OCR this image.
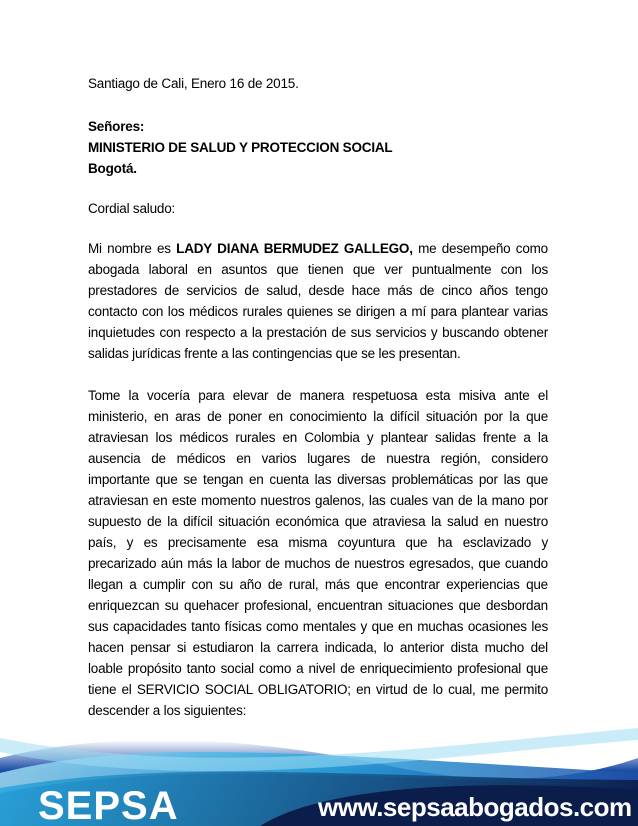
Santiago de Cali, Enero 16 de 2015.
Señores:
MINISTERIO DE SALUD Y PROTECCION SOCIAL
Bogotá.
Cordial saludo:
Mi nombre es LADY DIANA BERMUDEZ GALLEGO, me desempeño como abogada laboral en asuntos que tienen que ver puntualmente con los prestadores de servicios de salud, desde hace más de cinco años tengo contacto con los médicos rurales quienes se dirigen a mí para plantear varias inquietudes con respecto a la prestación de sus servicios y buscando obtener salidas jurídicas frente a las contingencias que se les presentan.
Tome la vocería para elevar de manera respetuosa esta misiva ante el ministerio, en aras de poner en conocimiento la difícil situación por la que atraviesan los médicos rurales en Colombia y plantear salidas frente a la ausencia de médicos en varios lugares de nuestra región, considero importante que se tengan en cuenta las diversas problemáticas por las que atraviesan en este momento nuestros galenos, las cuales van de la mano por supuesto de la difícil situación económica que atraviesa la salud en nuestro país, y es precisamente esa misma coyuntura que ha esclavizado y precarizado aún más la labor de muchos de nuestros egresados, que cuando llegan a cumplir con su año de rural, más que encontrar experiencias que enriquezcan su quehacer profesional, encuentran situaciones que desbordan sus capacidades tanto físicas como mentales y que en muchas ocasiones les hacen pensar si estudiaron la carrera indicada, lo anterior dista mucho del loable propósito tanto social como a nivel de enriquecimiento profesional que tiene el SERVICIO SOCIAL OBLIGATORIO; en virtud de lo cual, me permito descender a los siguientes:
SEPSA	www.sepsaabogados.com
